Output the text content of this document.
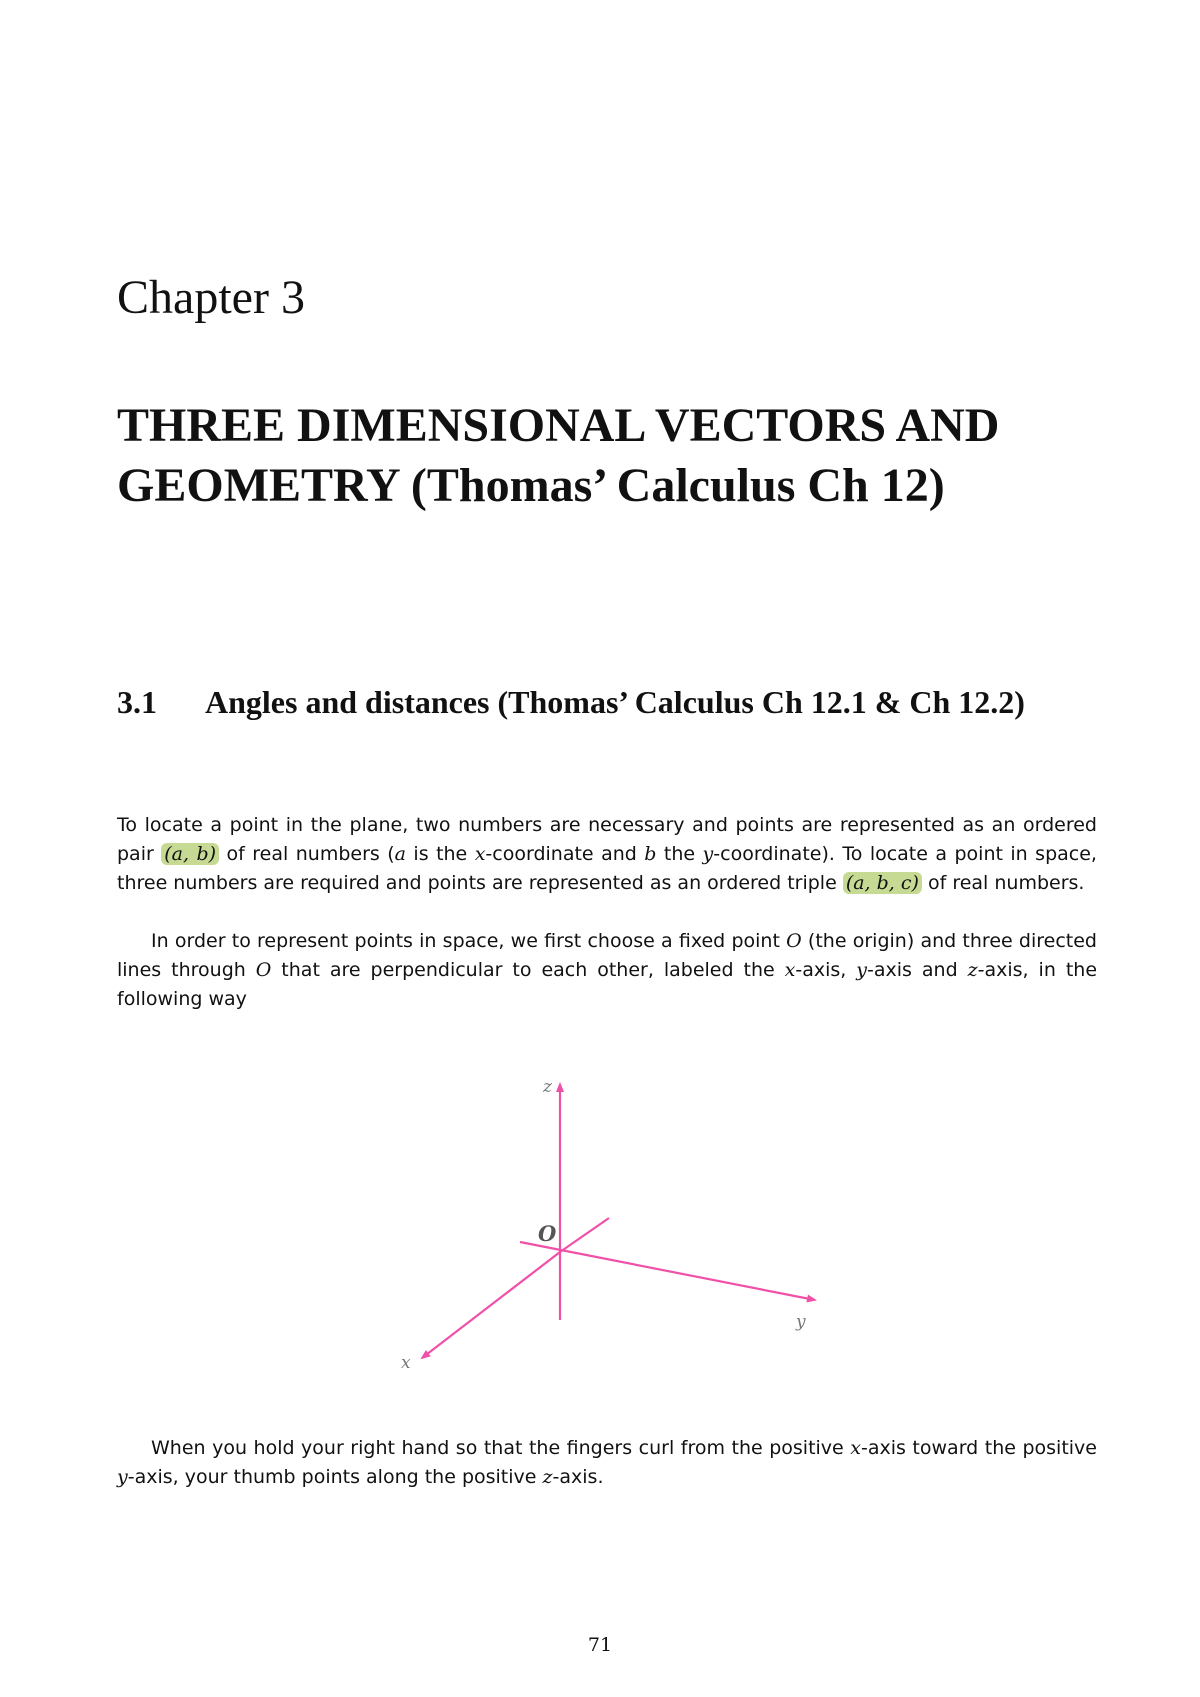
Chapter 3
THREE DIMENSIONAL VECTORS AND GEOMETRY (Thomas’ Calculus Ch 12)
3.1	Angles and distances (Thomas’ Calculus Ch 12.1 & Ch 12.2)

To locate a point in the plane, two numbers are necessary and points are represented as an ordered pair (a, b) of real numbers (a is the x-coordinate and b the y-coordinate). To locate a point in space, three numbers are required and points are represented as an ordered triple (a, b, c) of real numbers.

In order to represent points in space, we first choose a fixed point O (the origin) and three directed lines through O that are perpendicular to each other, labeled the x-axis, y-axis and z-axis, in the following way

z
O
y
x

When you hold your right hand so that the fingers curl from the positive x-axis toward the positive y-axis, your thumb points along the positive z-axis.

71
